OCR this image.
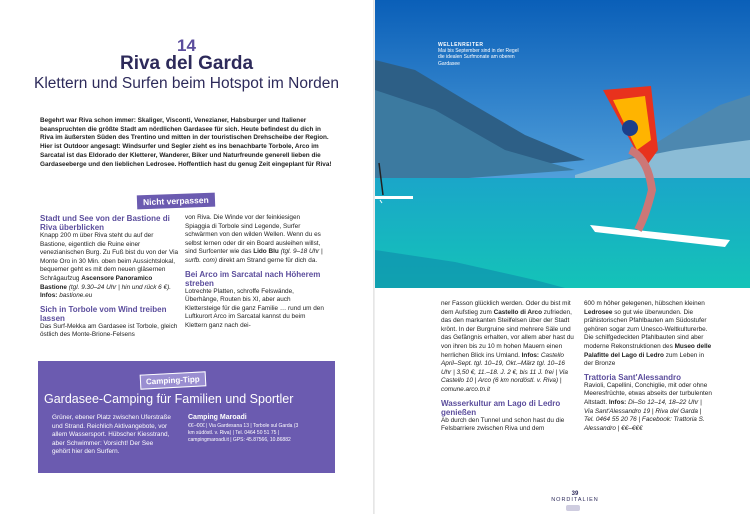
14
Riva del Garda
Klettern und Surfen beim Hotspot im Norden
Begehrt war Riva schon immer: Skaliger, Visconti, Venezianer, Habsburger und Italiener beanspruchten die größte Stadt am nördlichen Gardasee für sich. Heute befindest du dich in Riva im äußersten Süden des Trentino und mitten in der touristischen Drehscheibe der Region. Hier ist Outdoor angesagt: Windsurfer und Segler zieht es ins benachbarte Torbole, Arco im Sarcatal ist das Eldorado der Kletterer, Wanderer, Biker und Naturfreunde generell lieben die Gardaseeberge und den lieblichen Ledrosee. Hoffentlich hast du genug Zeit eingeplant für Riva!
Nicht verpassen
Stadt und See von der Bastione di Riva überblicken

Knapp 200 m über Riva steht du auf der Bastione, eigentlich die Ruine einer venezianischen Burg. Zu Fuß bist du von der Via Monte Oro in 30 Min. oben beim Aussichtslokal, bequemer geht es mit dem neuen gläsernen Schrägaufzug Ascensore Panoramico Bastione (tgl. 9.30–24 Uhr | hin und rück 6 €). Infos: bastione.eu

Sich in Torbole vom Wind treiben lassen

Das Surf-Mekka am Gardasee ist Torbole, gleich östlich des Monte-Brione-Felsens

von Riva. Die Winde vor der feinkiesigen Spiaggia di Torbole sind Legende, Surfer schwärmen von den wilden Wellen. Wenn du es selbst lernen oder dir ein Board ausleihen willst, sind Surfcenter wie das Lido Blu (tgl. 9–18 Uhr | surfb. com) direkt am Strand gerne für dich da.

Bei Arco im Sarcatal nach Höherem streben

Lotrechte Platten, schroffe Felswände, Überhänge, Routen bis XI, aber auch Klettersteige für die ganz Familie … rund um den Luftkurort Arco im Sarcatal kannst du beim Klettern ganz nach dei-

Camping-Tipp
Gardasee-Camping für Familien und Sportler
Grüner, ebener Platz zwischen Uferstraße und Strand. Reichlich Aktivangebote, vor allem Wassersport. Hübscher Kiesstrand, aber Schwimmer: Vorsicht! Der See gehört hier den Surfern.
Camping Maroadi
€€–€€€ | Via Gardesana 13 | Torbole sul Garda (3 km südöstl. v. Riva) | Tel. 0464 50 51 75 | campingmaroadi.it | GPS: 45.87566, 10.86882
WELLENREITER
Mai bis September sind in der Regel die idealen Surfmonate am oberen Gardasee

ner Fasson glücklich werden. Oder du bist mit dem Aufstieg zum Castello di Arco zufrieden, das den markanten Steilfelsen über der Stadt krönt. In der Burgruine sind mehrere Säle und das Gefängnis erhalten, vor allem aber hast du von ihren bis zu 10 m hohen Mauern einen herrlichen Blick ins Umland. Infos: Castello April–Sept. tgl. 10–19, Okt.–März tgl. 10–16 Uhr | 3,50 €, 11.–18. J. 2 €, bis 11 J. frei | Via Castello 10 | Arco (6 km nordöstl. v. Riva) | comune.arco.tn.it

Wasserkultur am Lago di Ledro genießen

Ab durch den Tunnel und schon hast du die Felsbarriere zwischen Riva und dem

600 m höher gelegenen, hübschen kleinen Ledrosee so gut wie überwunden. Die prähistorischen Pfahlbauten am Südostufer gehören sogar zum Unesco-Weltkulturerbe. Die schilfgedeckten Pfahlbauten sind aber moderne Rekonstruktionen des Museo delle Palafitte del Lago di Ledro zum Leben in der Bronze

Trattoria Sant'Alessandro

Ravioli, Capellini, Conchiglie, mit oder ohne Meeresfrüchte, etwas abseits der turbulenten Altstadt. Infos: Di–So 12–14, 18–22 Uhr | Via Sant'Alessandro 19 | Riva del Garda | Tel. 0464 55 20 76 | Facebook: Trattoria S. Alessandro | €€–€€€

39
NORDITALIEN
